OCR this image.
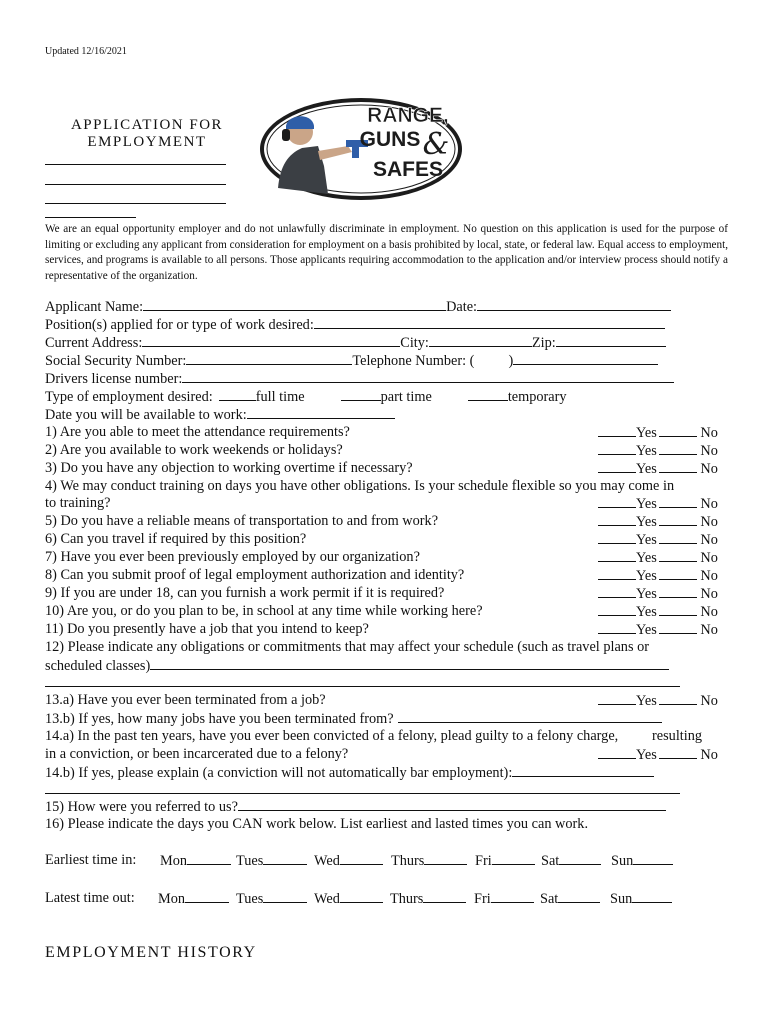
Updated 12/16/2021
APPLICATION FOR
EMPLOYMENT
RANGE,
GUNS &
SAFES
We are an equal opportunity employer and do not unlawfully discriminate in employment. No question on this application is used for the purpose of limiting or excluding any applicant from consideration for employment on a basis prohibited by local, state, or federal law. Equal access to employment, services, and programs is available to all persons. Those applicants requiring accommodation to the application and/or interview process should notify a representative of the organization.
Applicant Name:	Date:
Position(s) applied for or type of work desired:
Current Address:	City:	Zip:
Social Security Number:	Telephone Number: ( )
Drivers license number:
Type of employment desired:	full time	part time	temporary
Date you will be available to work:
1) Are you able to meet the attendance requirements?	Yes	No
2) Are you available to work weekends or holidays?	Yes	No
3) Do you have any objection to working overtime if necessary?	Yes	No
4) We may conduct training on days you have other obligations. Is your schedule flexible so you may come in
to training?	Yes	No
5) Do you have a reliable means of transportation to and from work?	Yes	No
6) Can you travel if required by this position?	Yes	No
7) Have you ever been previously employed by our organization?	Yes	No
8) Can you submit proof of legal employment authorization and identity?	Yes	No
9) If you are under 18, can you furnish a work permit if it is required?	Yes	No
10) Are you, or do you plan to be, in school at any time while working here?	Yes	No
11) Do you presently have a job that you intend to keep?	Yes	No
12) Please indicate any obligations or commitments that may affect your schedule (such as travel plans or
scheduled classes)
13.a) Have you ever been terminated from a job?	Yes	No
13.b) If yes, how many jobs have you been terminated from?
14.a) In the past ten years, have you ever been convicted of a felony, plead guilty to a felony charge, resulting
in a conviction, or been incarcerated due to a felony?	Yes	No
14.b) If yes, please explain (a conviction will not automatically bar employment):
15) How were you referred to us?
16) Please indicate the days you CAN work below. List earliest and lasted times you can work.
Earliest time in: Mon	Tues	Wed	Thurs	Fri	Sat	Sun
Latest time out: Mon	Tues	Wed	Thurs	Fri	Sat	Sun
EMPLOYMENT HISTORY
